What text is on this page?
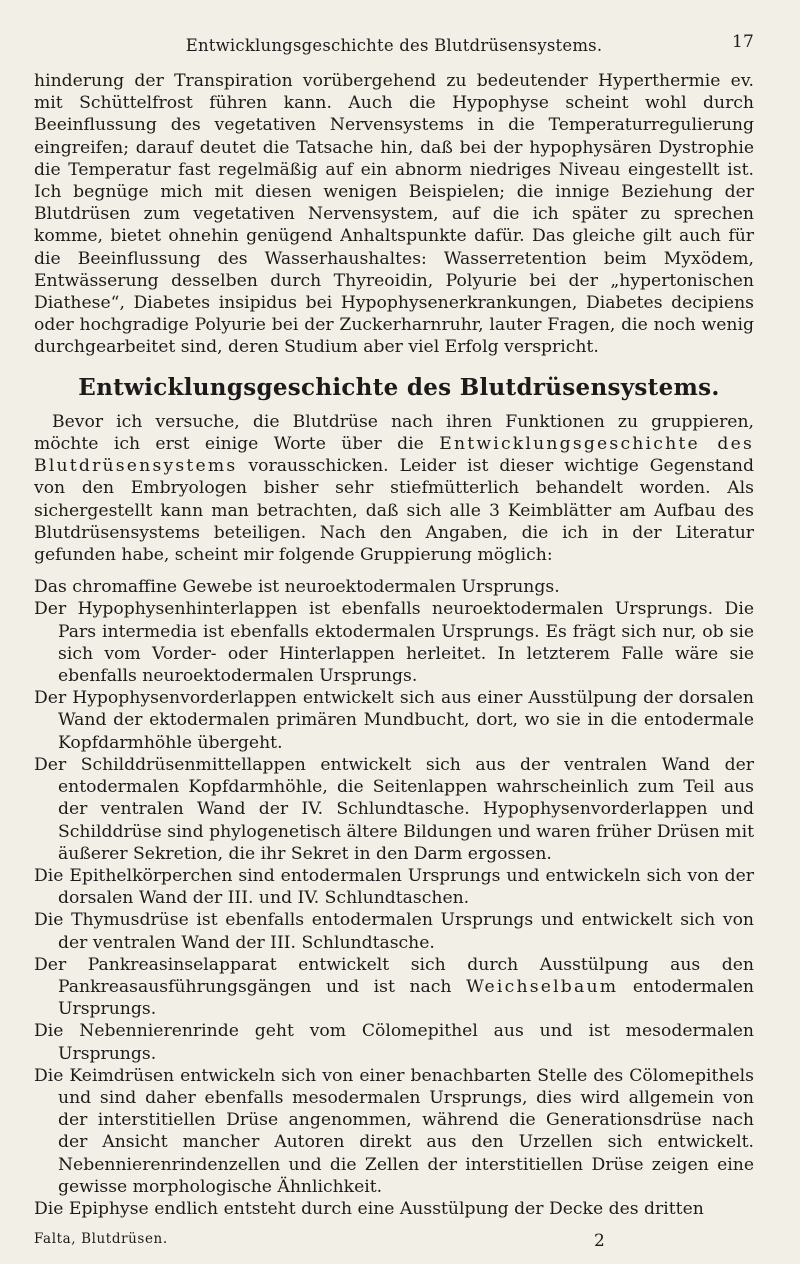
Entwicklungsgeschichte des Blutdrüsensystems.	17

hinderung der Transpiration vorübergehend zu bedeutender Hyperthermie ev. mit Schüttelfrost führen kann. Auch die Hypophyse scheint wohl durch Beeinflussung des vegetativen Nervensystems in die Temperaturregulierung eingreifen; darauf deutet die Tatsache hin, daß bei der hypophysären Dystrophie die Temperatur fast regelmäßig auf ein abnorm niedriges Niveau eingestellt ist. Ich begnüge mich mit diesen wenigen Beispielen; die innige Beziehung der Blutdrüsen zum vegetativen Nervensystem, auf die ich später zu sprechen komme, bietet ohnehin genügend Anhaltspunkte dafür. Das gleiche gilt auch für die Beeinflussung des Wasserhaushaltes: Wasserretention beim Myxödem, Entwässerung desselben durch Thyreoidin, Polyurie bei der „hypertonischen Diathese“, Diabetes insipidus bei Hypophysenerkrankungen, Diabetes decipiens oder hochgradige Polyurie bei der Zuckerharnruhr, lauter Fragen, die noch wenig durchgearbeitet sind, deren Studium aber viel Erfolg verspricht.

Entwicklungsgeschichte des Blutdrüsensystems.

Bevor ich versuche, die Blutdrüse nach ihren Funktionen zu gruppieren, möchte ich erst einige Worte über die Entwicklungsgeschichte des Blutdrüsensystems vorausschicken. Leider ist dieser wichtige Gegenstand von den Embryologen bisher sehr stiefmütterlich behandelt worden. Als sichergestellt kann man betrachten, daß sich alle 3 Keimblätter am Aufbau des Blutdrüsensystems beteiligen. Nach den Angaben, die ich in der Literatur gefunden habe, scheint mir folgende Gruppierung möglich:

Das chromaffine Gewebe ist neuroektodermalen Ursprungs.

Der Hypophysenhinterlappen ist ebenfalls neuroektodermalen Ursprungs. Die Pars intermedia ist ebenfalls ektodermalen Ursprungs. Es frägt sich nur, ob sie sich vom Vorder- oder Hinterlappen herleitet. In letzterem Falle wäre sie ebenfalls neuroektodermalen Ursprungs.

Der Hypophysenvorderlappen entwickelt sich aus einer Ausstülpung der dorsalen Wand der ektodermalen primären Mundbucht, dort, wo sie in die entodermale Kopfdarmhöhle übergeht.

Der Schilddrüsenmittellappen entwickelt sich aus der ventralen Wand der entodermalen Kopfdarmhöhle, die Seitenlappen wahrscheinlich zum Teil aus der ventralen Wand der IV. Schlundtasche. Hypophysenvorderlappen und Schilddrüse sind phylogenetisch ältere Bildungen und waren früher Drüsen mit äußerer Sekretion, die ihr Sekret in den Darm ergossen.

Die Epithelkörperchen sind entodermalen Ursprungs und entwickeln sich von der dorsalen Wand der III. und IV. Schlundtaschen.

Die Thymusdrüse ist ebenfalls entodermalen Ursprungs und entwickelt sich von der ventralen Wand der III. Schlundtasche.

Der Pankreasinselapparat entwickelt sich durch Ausstülpung aus den Pankreasausführungsgängen und ist nach Weichselbaum entodermalen Ursprungs.

Die Nebennierenrinde geht vom Cölomepithel aus und ist mesodermalen Ursprungs.

Die Keimdrüsen entwickeln sich von einer benachbarten Stelle des Cölomepithels und sind daher ebenfalls mesodermalen Ursprungs, dies wird allgemein von der interstitiellen Drüse angenommen, während die Generationsdrüse nach der Ansicht mancher Autoren direkt aus den Urzellen sich entwickelt. Nebennierenrindenzellen und die Zellen der interstitiellen Drüse zeigen eine gewisse morphologische Ähnlichkeit.

Die Epiphyse endlich entsteht durch eine Ausstülpung der Decke des dritten

Falta, Blutdrüsen.	2
